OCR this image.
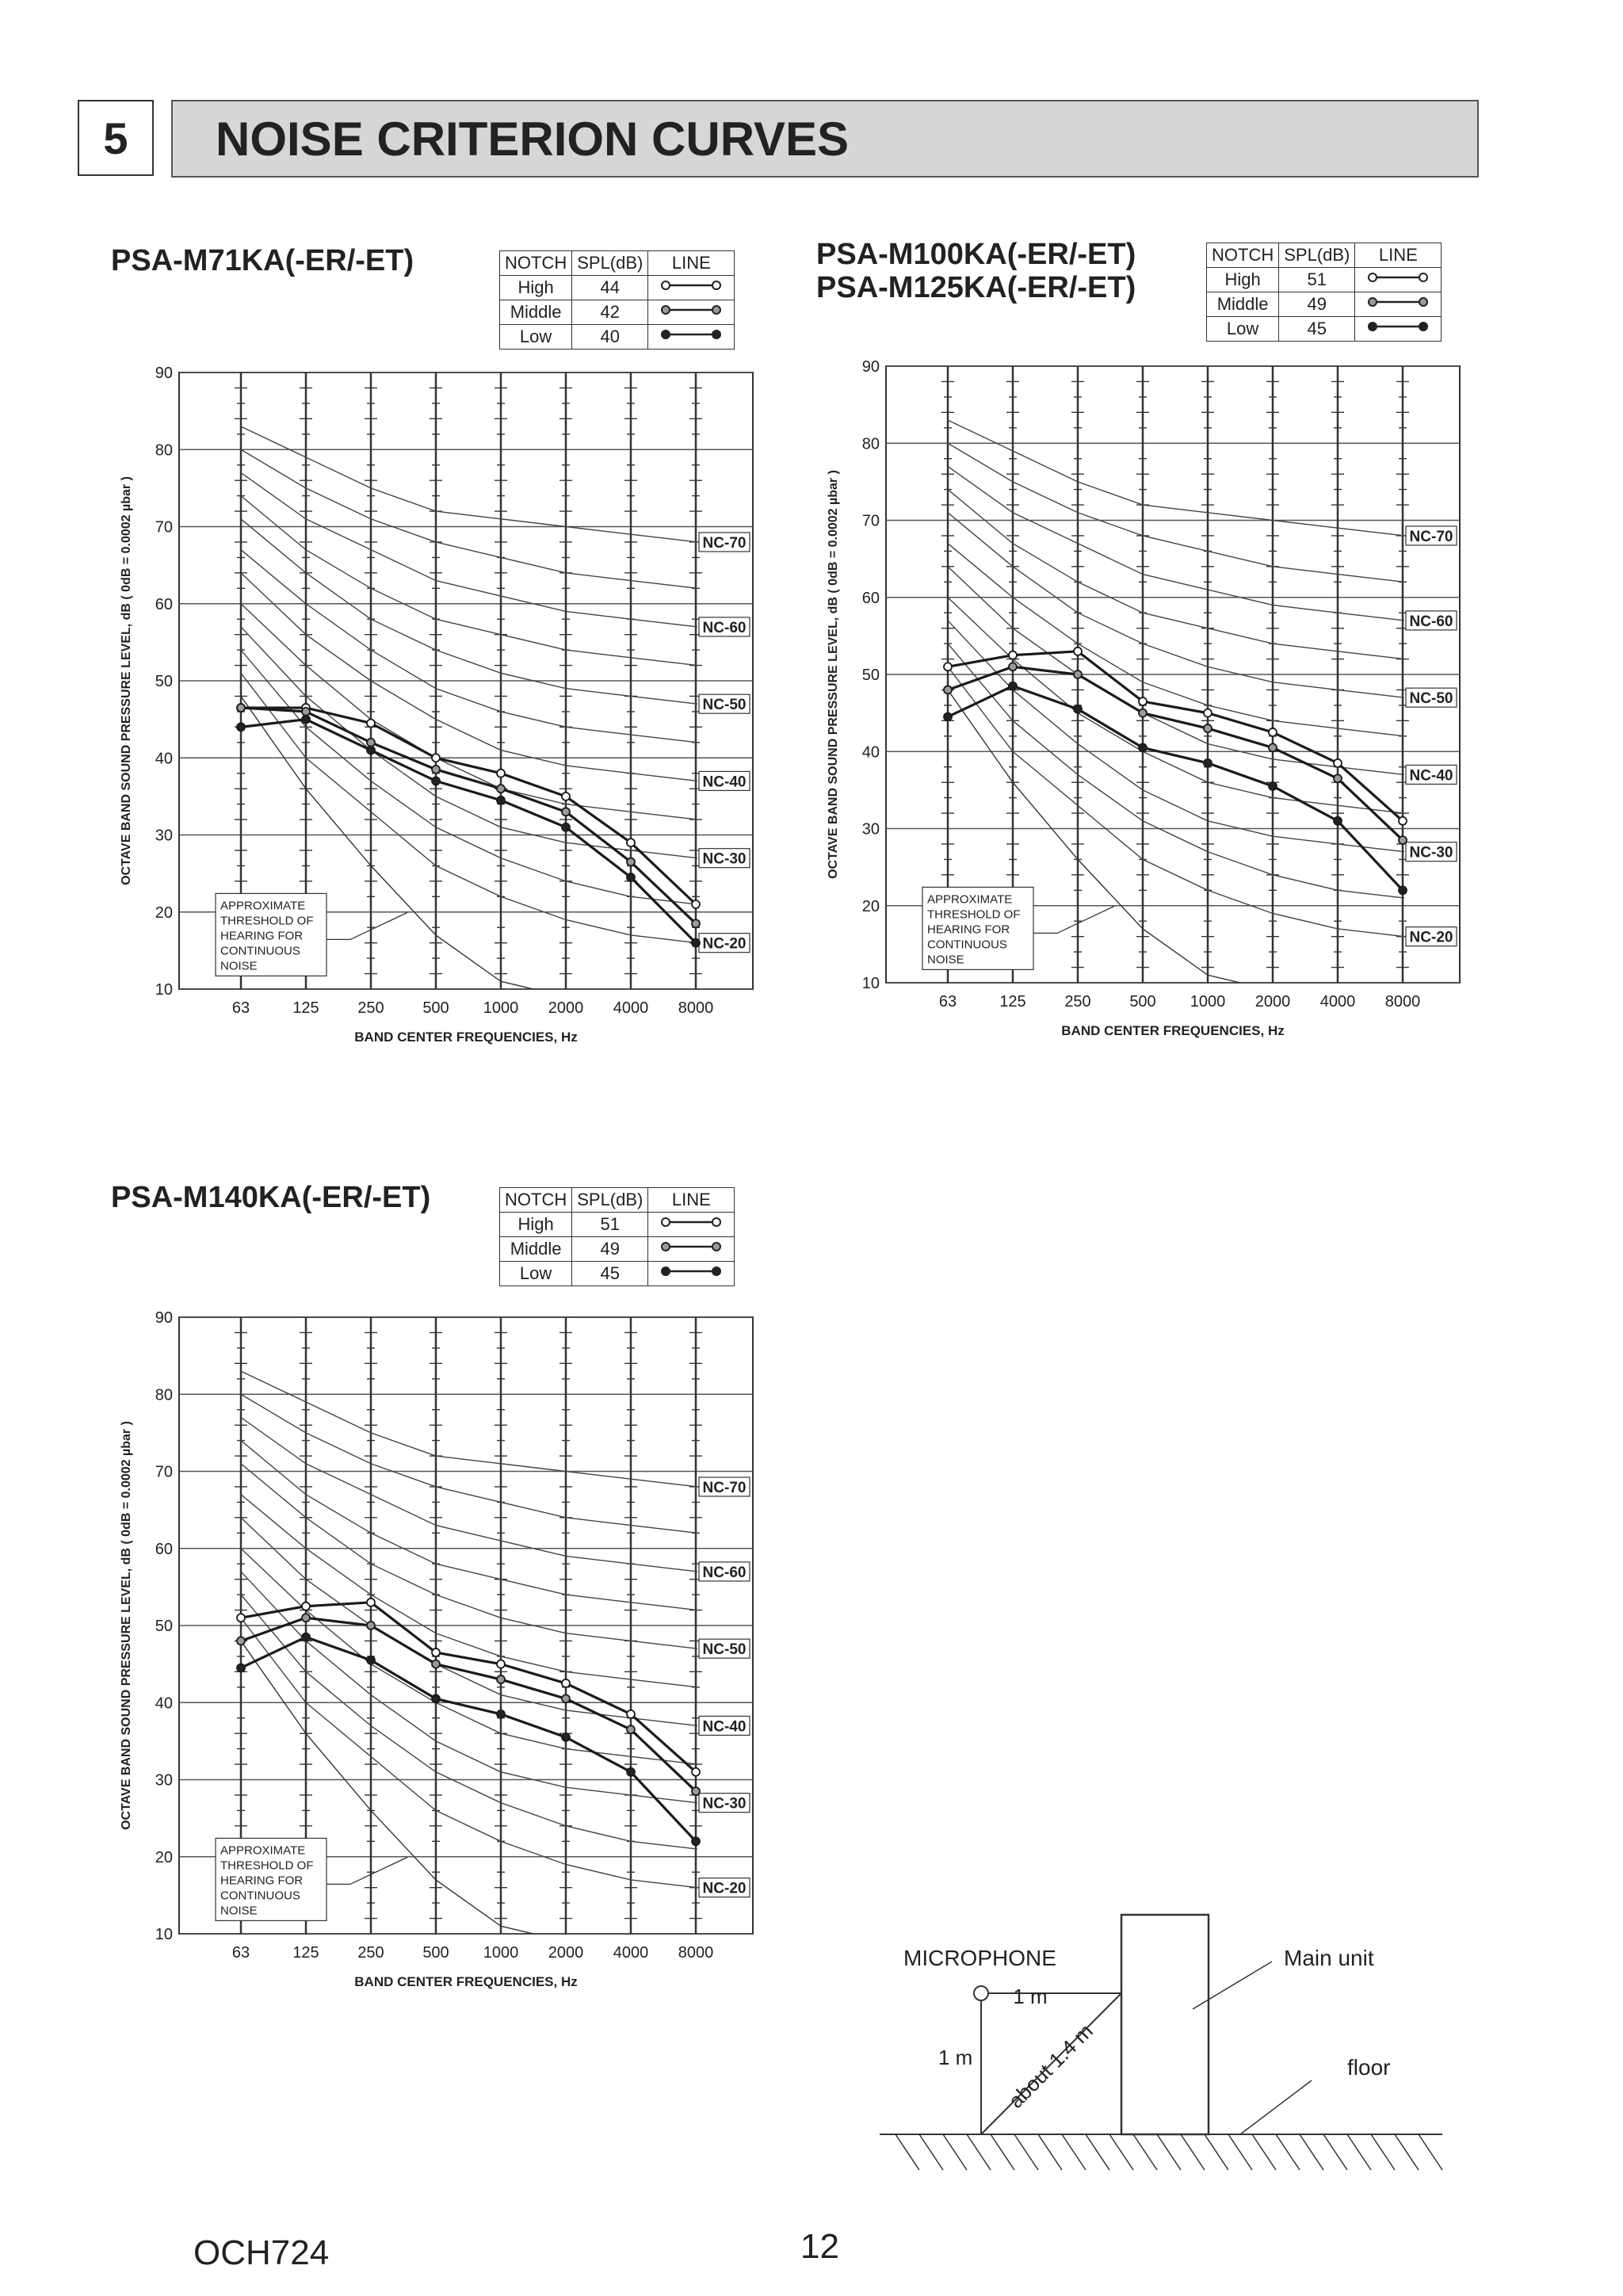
5	NOISE CRITERION CURVES
PSA-M71KA(-ER/-ET)	NOTCH	SPL(dB)	LINE
High	44	
Middle	42	
Low	40	
PSA-M100KA(-ER/-ET)
PSA-M125KA(-ER/-ET)
NOTCH	SPL(dB)	LINE
High	51	
Middle	49	
Low	45	
PSA-M140KA(-ER/-ET)	NOTCH	SPL(dB)	LINE
High	51	
Middle	49	
Low	45	
10
20
30
40
50
60
70
80
90
63	125 250 500 1000 2000 4000 8000
NC-70
NC-60
NC-50
NC-40
NC-30
NC-20
APPROXIMATE
THRESHOLD OF
HEARING FOR
CONTINUOUS
NOISE
BAND CENTER FREQUENCIES, Hz
OCTAVE BAND SOUND PRESSURE LEVEL, dB ( 0dB = 0.0002 µbar )
10
20
30
40
50
60
70
80
90
63	125 250 500 1000 2000 4000 8000
NC-70
NC-60
NC-50
NC-40
NC-30
NC-20
APPROXIMATE
THRESHOLD OF
HEARING FOR
CONTINUOUS
NOISE
BAND CENTER FREQUENCIES, Hz
OCTAVE BAND SOUND PRESSURE LEVEL, dB ( 0dB = 0.0002 µbar )
10
20
30
40
50
60
70
80
90
63	125 250 500 1000 2000 4000 8000
NC-70
NC-60
NC-50
NC-40
NC-30
NC-20
APPROXIMATE
THRESHOLD OF
HEARING FOR
CONTINUOUS
NOISE
BAND CENTER FREQUENCIES, Hz
OCTAVE BAND SOUND PRESSURE LEVEL, dB ( 0dB = 0.0002 µbar )
MICROPHONE	Main unit
floor
1 m
1 m about 1.4 m
OCH724	12
